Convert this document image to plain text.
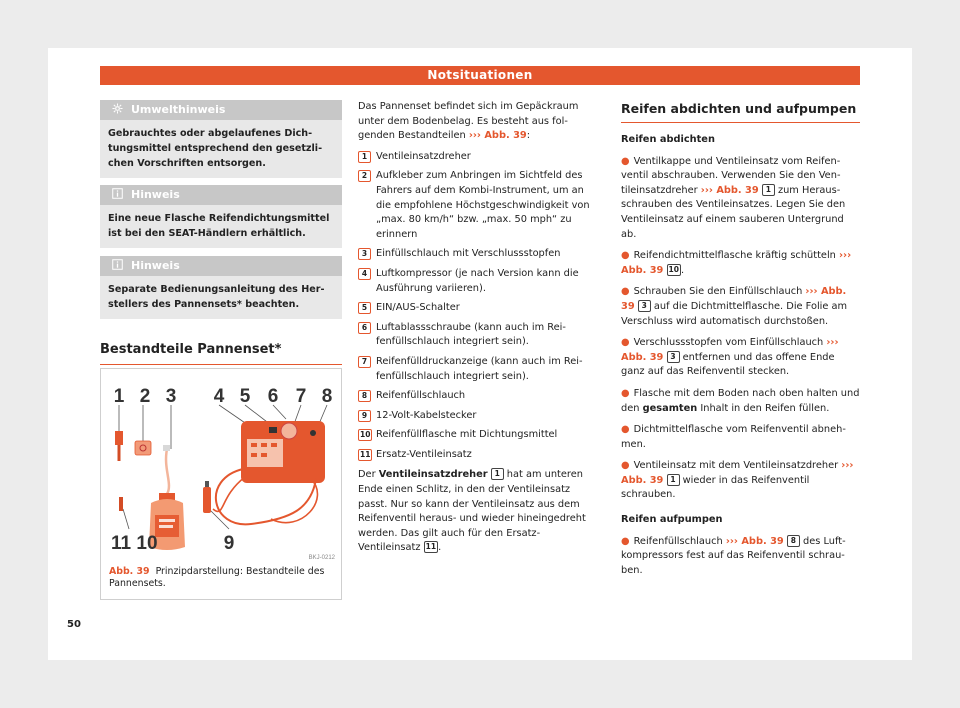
Notsituationen
Umwelthinweis
Gebrauchtes oder abgelaufenes Dichtungsmittel entsprechend den gesetzlichen Vorschriften entsorgen.
Hinweis
Eine neue Flasche Reifendichtungsmittel ist bei den SEAT-Händlern erhältlich.
Hinweis
Separate Bedienungsanleitung des Herstellers des Pannensets* beachten.
Bestandteile Pannenset*
1 2 3 4 5 6 7 8
11 10	9
BKJ-0212
Abb. 39 Prinzipdarstellung: Bestandteile des Pannensets.

Das Pannenset befindet sich im Gepäckraum unter dem Bodenbelag. Es besteht aus folgenden Bestandteilen ››› Abb. 39:

1 Ventileinsatzdreher
2 Aufkleber zum Anbringen im Sichtfeld des Fahrers auf dem Kombi-Instrument, um an die empfohlene Höchstgeschwindigkeit von „max. 80 km/h“ bzw. „max. 50 mph“ zu erinnern
3 Einfüllschlauch mit Verschlussstopfen
4 Luftkompressor (je nach Version kann die Ausführung variieren).
5 EIN/AUS-Schalter
6 Luftablassschraube (kann auch im Reifenfüllschlauch integriert sein).
7 Reifenfülldruckanzeige (kann auch im Reifenfüllschlauch integriert sein).
8 Reifenfüllschlauch
9 12-Volt-Kabelstecker
10 Reifenfüllflasche mit Dichtungsmittel
11 Ersatz-Ventileinsatz

Der Ventileinsatzdreher 1 hat am unteren Ende einen Schlitz, in den der Ventileinsatz passt. Nur so kann der Ventileinsatz aus dem Reifenventil heraus- und wieder hineingedreht werden. Das gilt auch für den Ersatz-Ventileinsatz 11 .

Reifen abdichten und aufpumpen

Reifen abdichten

● Ventilkappe und Ventileinsatz vom Reifenventil abschrauben. Verwenden Sie den Ventileinsatzdreher ››› Abb. 39 1 zum Herausschrauben des Ventileinsatzes. Legen Sie den Ventileinsatz auf einem sauberen Untergrund ab.

● Reifendichtmittelflasche kräftig schütteln ››› Abb. 39 10 .

● Schrauben Sie den Einfüllschlauch ››› Abb. 39 3 auf die Dichtmittelflasche. Die Folie am Verschluss wird automatisch durchstoßen.

● Verschlussstopfen vom Einfüllschlauch ››› Abb. 39 3 entfernen und das offene Ende ganz auf das Reifenventil stecken.

● Flasche mit dem Boden nach oben halten und den gesamten Inhalt in den Reifen füllen.

● Dichtmittelflasche vom Reifenventil abnehmen.

● Ventileinsatz mit dem Ventileinsatzdreher ››› Abb. 39 1 wieder in das Reifenventil schrauben.

Reifen aufpumpen

● Reifenfüllschlauch ››› Abb. 39 8 des Luftkompressors fest auf das Reifenventil schrauben.

50
